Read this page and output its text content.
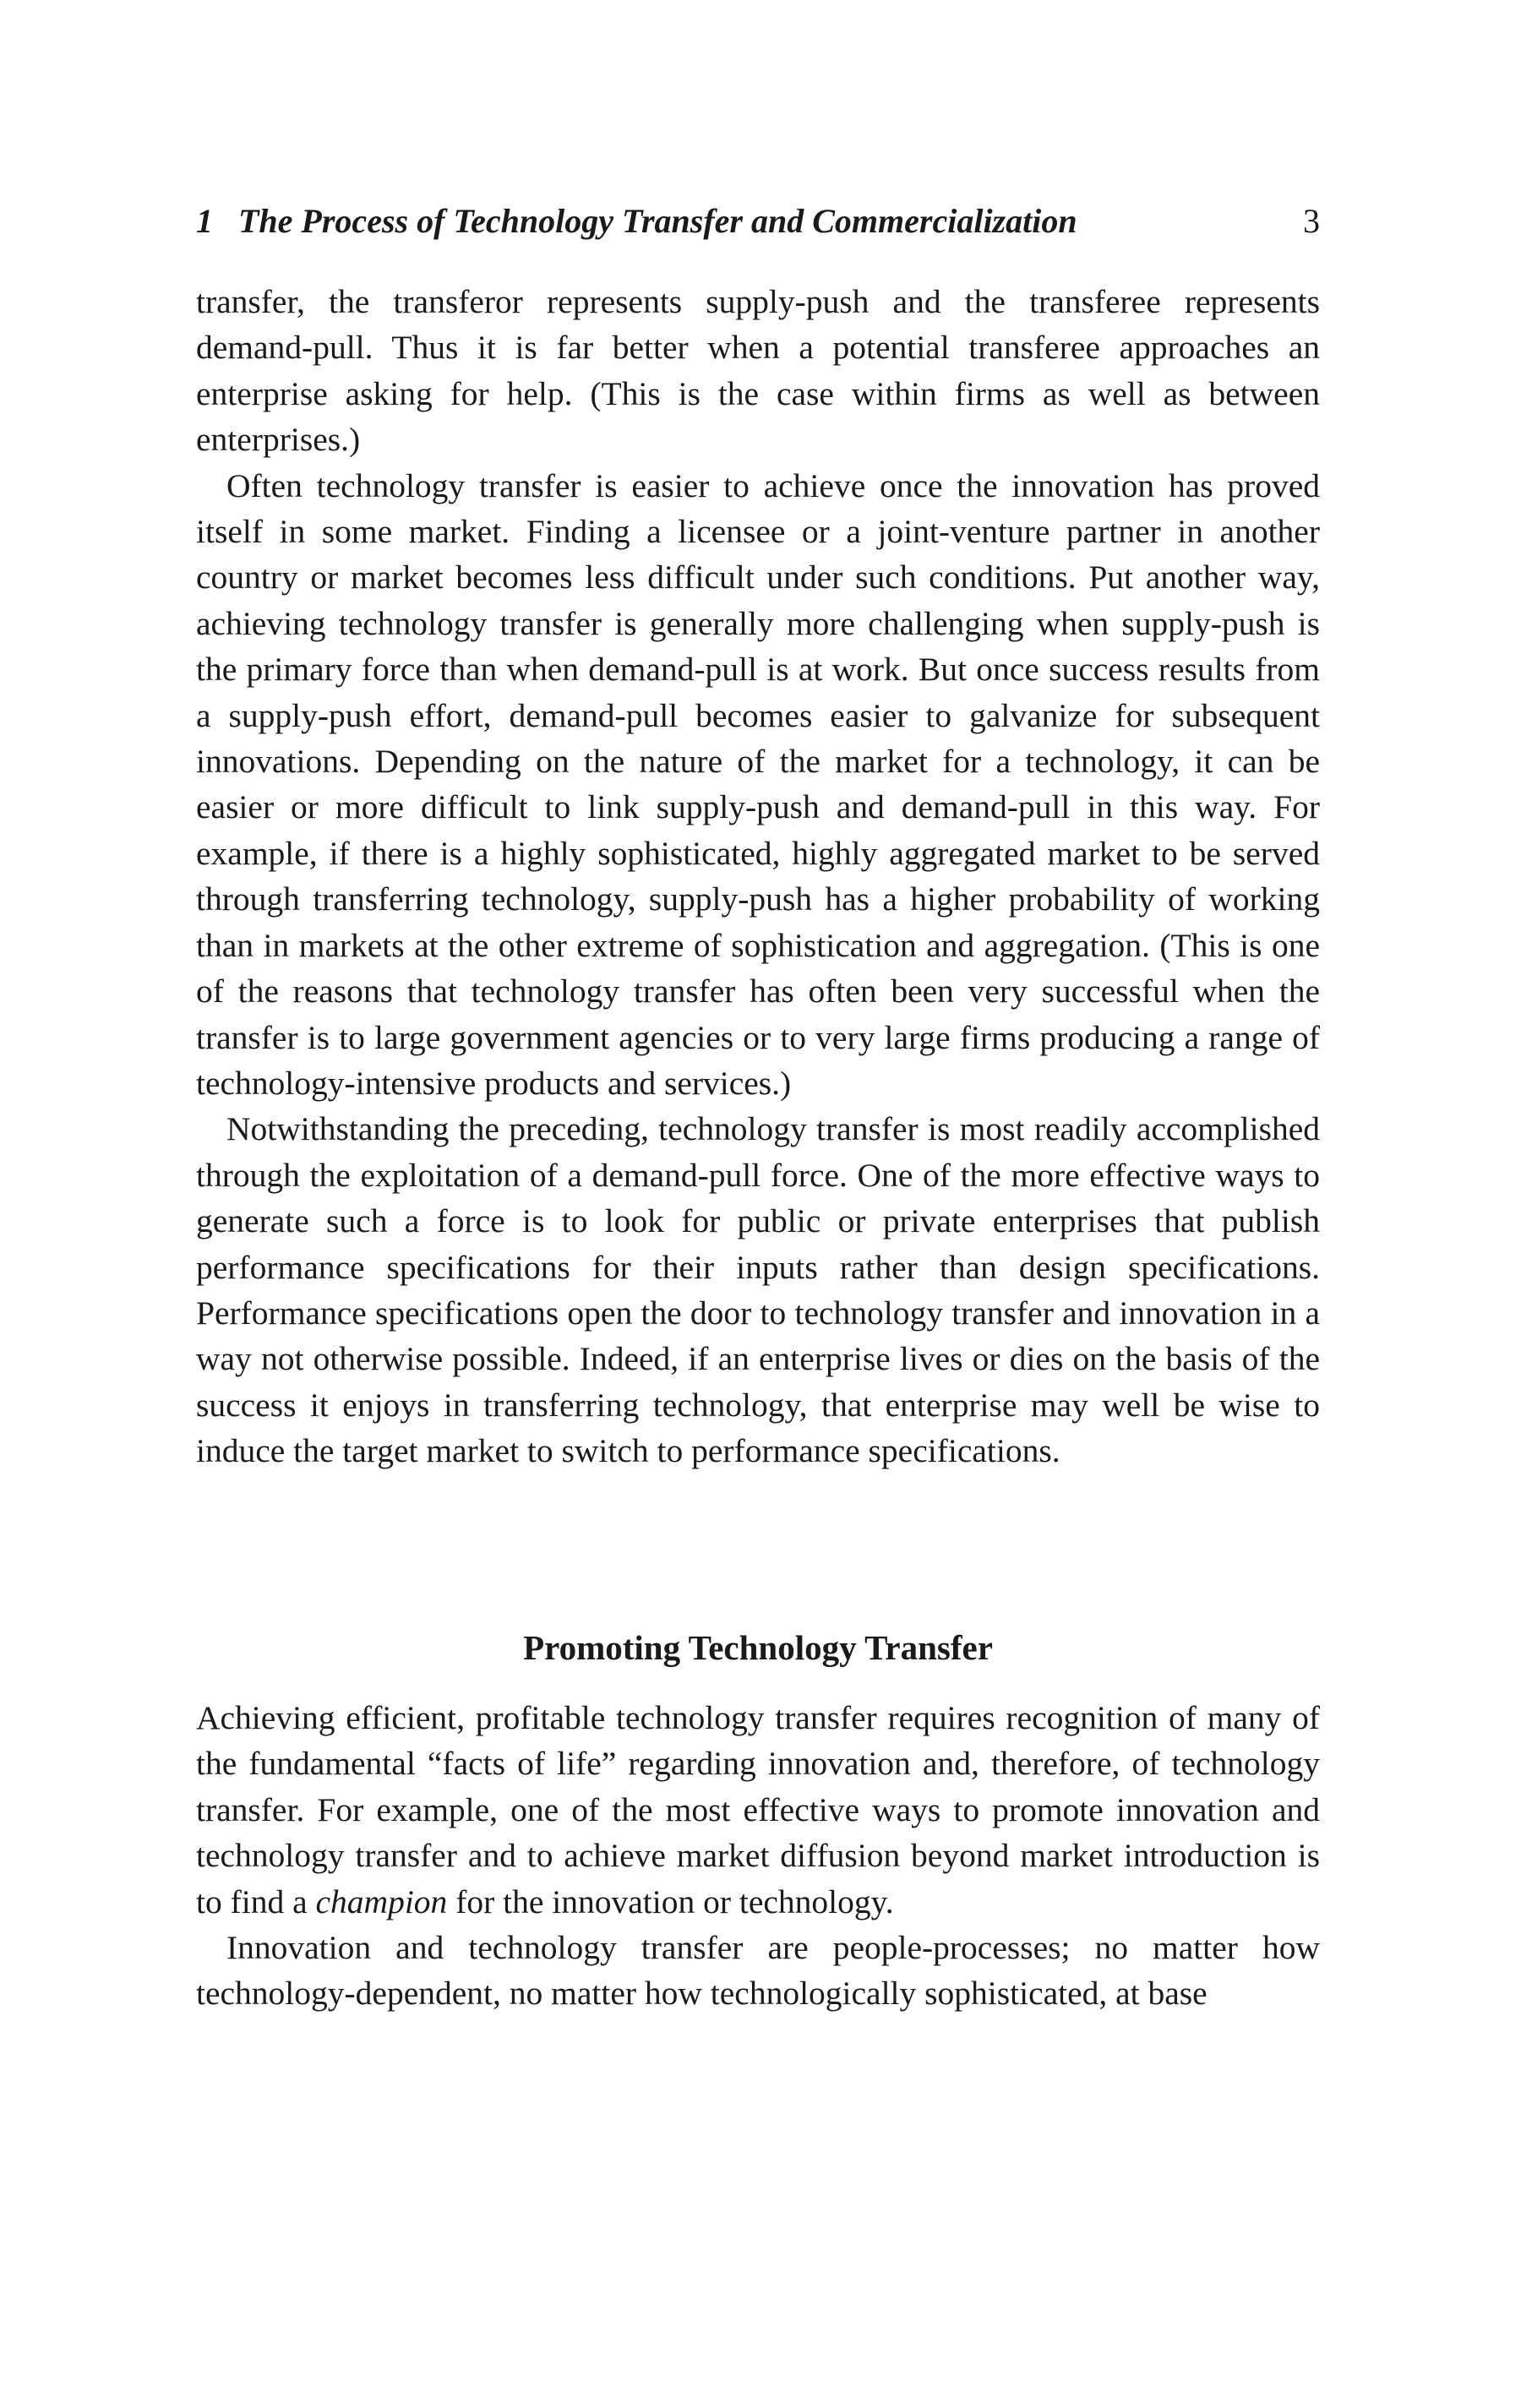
1 The Process of Technology Transfer and Commercialization	3

transfer, the transferor represents supply-push and the transferee represents demand-pull. Thus it is far better when a potential transferee approaches an enterprise asking for help. (This is the case within firms as well as between enterprises.)

Often technology transfer is easier to achieve once the innovation has proved itself in some market. Finding a licensee or a joint-venture partner in another country or market becomes less difficult under such conditions. Put another way, achieving technology transfer is generally more challenging when supply-push is the primary force than when demand-pull is at work. But once success results from a supply-push effort, demand-pull becomes easier to galvanize for subsequent innovations. Depending on the nature of the market for a technology, it can be easier or more difficult to link supply-push and demand-pull in this way. For example, if there is a highly sophisticated, highly aggregated market to be served through transferring technology, supply-push has a higher probability of working than in markets at the other extreme of sophistication and aggregation. (This is one of the reasons that technology transfer has often been very successful when the transfer is to large government agencies or to very large firms producing a range of technology-intensive products and services.)

Notwithstanding the preceding, technology transfer is most readily accomplished through the exploitation of a demand-pull force. One of the more effective ways to generate such a force is to look for public or private enterprises that publish performance specifications for their inputs rather than design specifications. Performance specifications open the door to technology transfer and innovation in a way not otherwise possible. Indeed, if an enterprise lives or dies on the basis of the success it enjoys in transferring technology, that enterprise may well be wise to induce the target market to switch to performance specifications.

Promoting Technology Transfer

Achieving efficient, profitable technology transfer requires recognition of many of the fundamental “facts of life” regarding innovation and, therefore, of technology transfer. For example, one of the most effective ways to promote innovation and technology transfer and to achieve market diffusion beyond market introduction is to find a champion for the innovation or technology.

Innovation and technology transfer are people-processes; no matter how technology-dependent, no matter how technologically sophisticated, at base
